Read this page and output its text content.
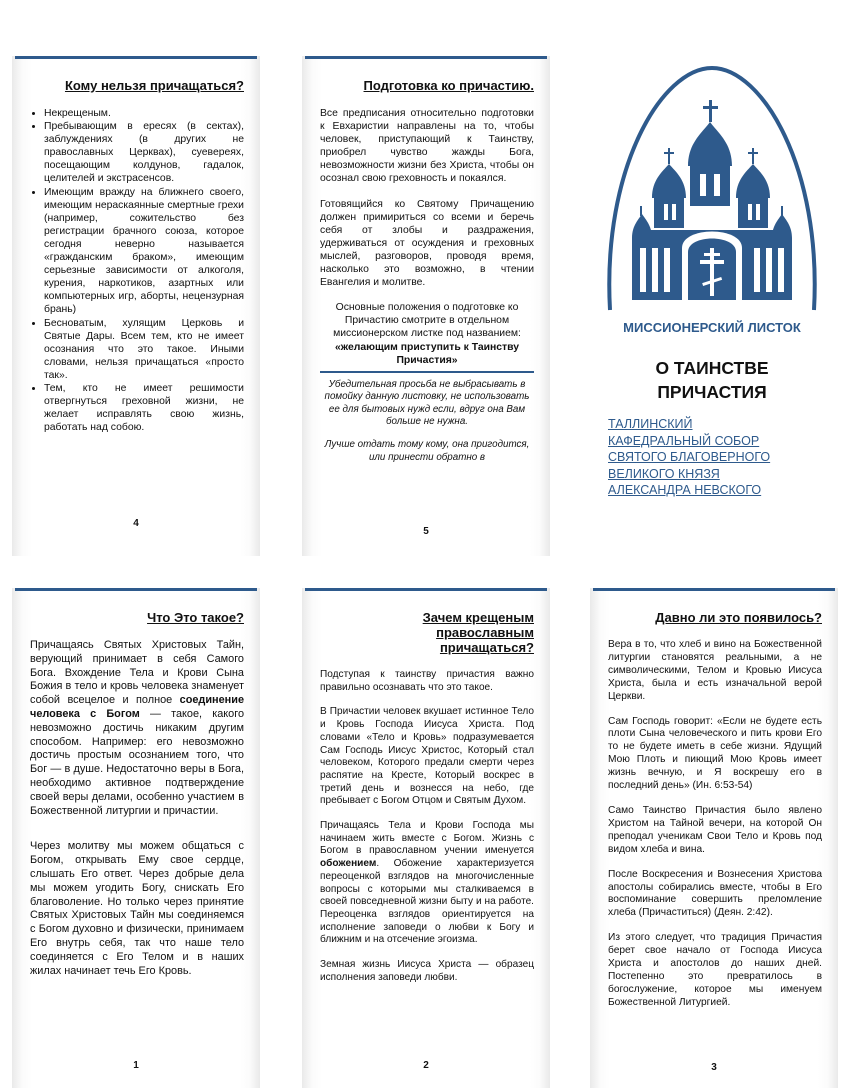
Кому нельзя причащаться?
• Некрещеным.
• Пребывающим в ересях (в сектах), заблуждениях (в других не православных Церквах), суевереях, посещающим колдунов, гадалок, целителей и экстрасенсов.
• Имеющим вражду на ближнего своего, имеющим нераскаянные смертные грехи (например, сожительство без регистрации брачного союза, которое сегодня неверно называется «гражданским браком», имеющим серьезные зависимости от алкоголя, курения, наркотиков, азартных или компьютерных игр, аборты, нецензурная брань)
• Бесноватым, хулящим Церковь и Святые Дары. Всем тем, кто не имеет осознания что это такое. Иными словами, нельзя причащаться «просто так».
• Тем, кто не имеет решимости отвергнуться греховной жизни, не желает исправлять свою жизнь, работать над собою.
4
Подготовка ко причастию.

Все предписания относительно подготовки к Евхаристии направлены на то, чтобы человек, приступающий к Таинству, приобрел чувство жажды Бога, невозможности жизни без Христа, чтобы он осознал свою греховность и покаялся.

Готовящийся ко Святому Причащению должен примириться со всеми и беречь себя от злобы и раздражения, удерживаться от осуждения и греховных мыслей, разговоров, проводя время, насколько это возможно, в чтении Евангелия и молитве.

Основные положения о подготовке ко Причастию смотрите в отдельном миссионерском листке под названием: «желающим приступить к Таинству Причастия»

Убедительная просьба не выбрасывать в помойку данную листовку, не использовать ее для бытовых нужд если, вдруг она Вам больше не нужна.
Лучше отдать тому кому, она пригодится, или принести обратно в
5
МИССИОНЕРСКИЙ ЛИСТОК
О ТАИНСТВЕ
ПРИЧАСТИЯ
ТАЛЛИНСКИЙ
КАФЕДРАЛЬНЫЙ СОБОР
СВЯТОГО БЛАГОВЕРНОГО
ВЕЛИКОГО КНЯЗЯ
АЛЕКСАНДРА НЕВСКОГО
Что Это такое?

Причащаясь Святых Христовых Тайн, верующий принимает в себя Самого Бога. Вхождение Тела и Крови Сына Божия в тело и кровь человека знаменует собой всецелое и полное соединение человека с Богом — такое, какого невозможно достичь никаким другим способом. Например: его невозможно достичь простым осознанием того, что Бог — в душе. Недостаточно веры в Бога, необходимо активное подтверждение своей веры делами, особенно участием в Божественной литургии и причастии.

Через молитву мы можем общаться с Богом, открывать Ему свое сердце, слышать Его ответ. Через добрые дела мы можем угодить Богу, снискать Его благоволение. Но только через принятие Святых Христовых Тайн мы соединяемся с Богом духовно и физически, принимаем Его внутрь себя, так что наше тело соединяется с Его Телом и в наших жилах начинает течь Его Кровь.

1
Зачем крещеным православным причащаться?

Подступая к таинству причастия важно правильно осознавать что это такое.

В Причастии человек вкушает истинное Тело и Кровь Господа Иисуса Христа. Под словами «Тело и Кровь» подразумевается Сам Господь Иисус Христос, Который стал человеком, Которого предали смерти через распятие на Кресте, Который воскрес в третий день и вознесся на небо, где пребывает с Богом Отцом и Святым Духом.

Причащаясь Тела и Крови Господа мы начинаем жить вместе с Богом. Жизнь с Богом в православном учении именуется обожением. Обожение характеризуется переоценкой взглядов на многочисленные вопросы с которыми мы сталкиваемся в своей повседневной жизни быту и на работе. Переоценка взглядов ориентируется на исполнение заповеди о любви к Богу и ближним и на отсечение эгоизма.

Земная жизнь Иисуса Христа — образец исполнения заповеди любви.

2
Давно ли это появилось?

Вера в то, что хлеб и вино на Божественной литургии становятся реальными, а не символическими, Телом и Кровью Иисуса Христа, была и есть изначальной верой Церкви.

Сам Господь говорит: «Если не будете есть плоти Сына человеческого и пить крови Его то не будете иметь в себе жизни. Ядущий Мою Плоть и пиющий Мою Кровь имеет жизнь вечную, и Я воскрешу его в последний день» (Ин. 6:53-54)

Само Таинство Причастия было явлено Христом на Тайной вечери, на которой Он преподал ученикам Свои Тело и Кровь под видом хлеба и вина.

После Воскресения и Вознесения Христова апостолы собирались вместе, чтобы в Его воспоминание совершить преломление хлеба (Причаститься) (Деян. 2:42).

Из этого следует, что традиция Причастия берет свое начало от Господа Иисуса Христа и апостолов до наших дней. Постепенно это превратилось в богослужение, которое мы именуем Божественной Литургией.

3
